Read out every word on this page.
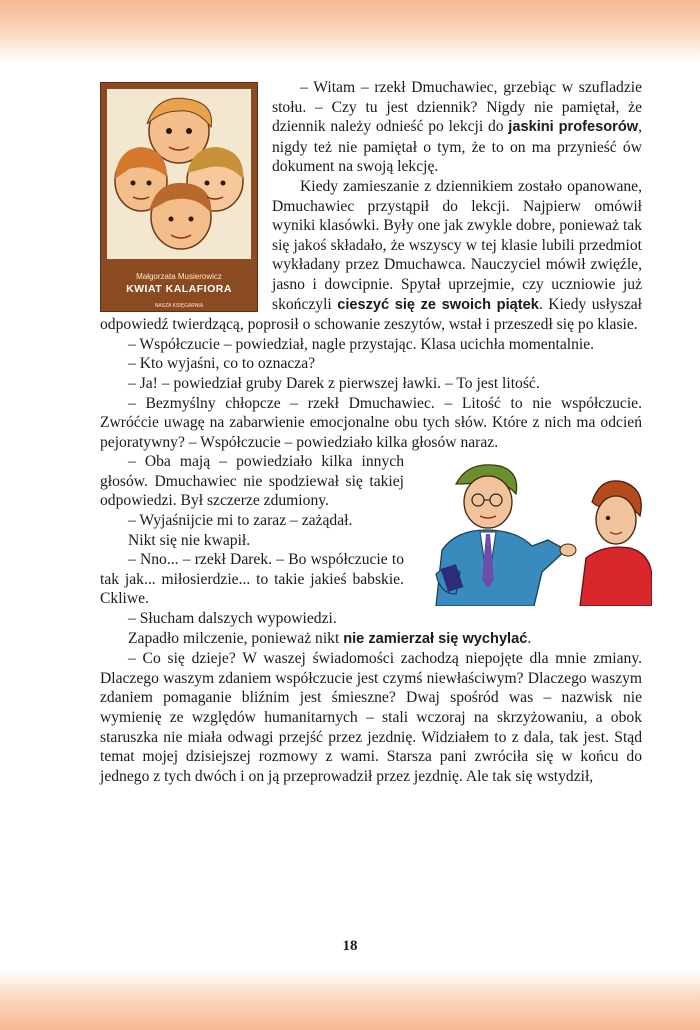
Małgorzata Musierowicz
KWIAT KALAFIORA
NASZA KSIĘGARNIA

– Witam – rzekł Dmuchawiec, grzebiąc w szufladzie stołu. – Czy tu jest dziennik? Nigdy nie pamiętał, że dziennik należy odnieść po lekcji do jaskini profesorów, nigdy też nie pamiętał o tym, że to on ma przynieść ów dokument na swoją lekcję.

Kiedy zamieszanie z dziennikiem zostało opanowane, Dmuchawiec przystąpił do lekcji. Najpierw omówił wyniki klasówki. Były one jak zwykle dobre, ponieważ tak się jakoś składało, że wszyscy w tej klasie lubili przedmiot wykładany przez Dmuchawca. Nauczyciel mówił zwięźle, jasno i dowcipnie. Spytał uprzejmie, czy uczniowie już skończyli cieszyć się ze swoich piątek. Kiedy usłyszał odpowiedź twierdzącą, poprosił o schowanie zeszytów, wstał i przeszedł się po klasie.

– Współczucie – powiedział, nagle przystając. Klasa ucichła momentalnie.

– Kto wyjaśni, co to oznacza?

– Ja! – powiedział gruby Darek z pierwszej ławki. – To jest litość.

– Bezmyślny chłopcze – rzekł Dmuchawiec. – Litość to nie współczucie. Zwróćcie uwagę na zabarwienie emocjonalne obu tych słów. Które z nich ma odcień pejoratywny? – Współczucie – powiedziało kilka głosów naraz.

– Oba mają – powiedziało kilka innych głosów. Dmuchawiec nie spodziewał się takiej odpowiedzi. Był szczerze zdumiony.

– Wyjaśnijcie mi to zaraz – zażądał.

Nikt się nie kwapił.

– Nno... – rzekł Darek. – Bo współczucie to tak jak... miłosierdzie... to takie jakieś babskie. Ckliwe.

– Słucham dalszych wypowiedzi.

Zapadło milczenie, ponieważ nikt nie zamierzał się wychylać.

– Co się dzieje? W waszej świadomości zachodzą niepojęte dla mnie zmiany. Dlaczego waszym zdaniem współczucie jest czymś niewłaściwym? Dlaczego waszym zdaniem pomaganie bliźnim jest śmieszne? Dwaj spośród was – nazwisk nie wymienię ze względów humanitarnych – stali wczoraj na skrzyżowaniu, a obok staruszka nie miała odwagi przejść przez jezdnię. Widziałem to z dala, tak jest. Stąd temat mojej dzisiejszej rozmowy z wami. Starsza pani zwróciła się w końcu do jednego z tych dwóch i on ją przeprowadził przez jezdnię. Ale tak się wstydził,

18
